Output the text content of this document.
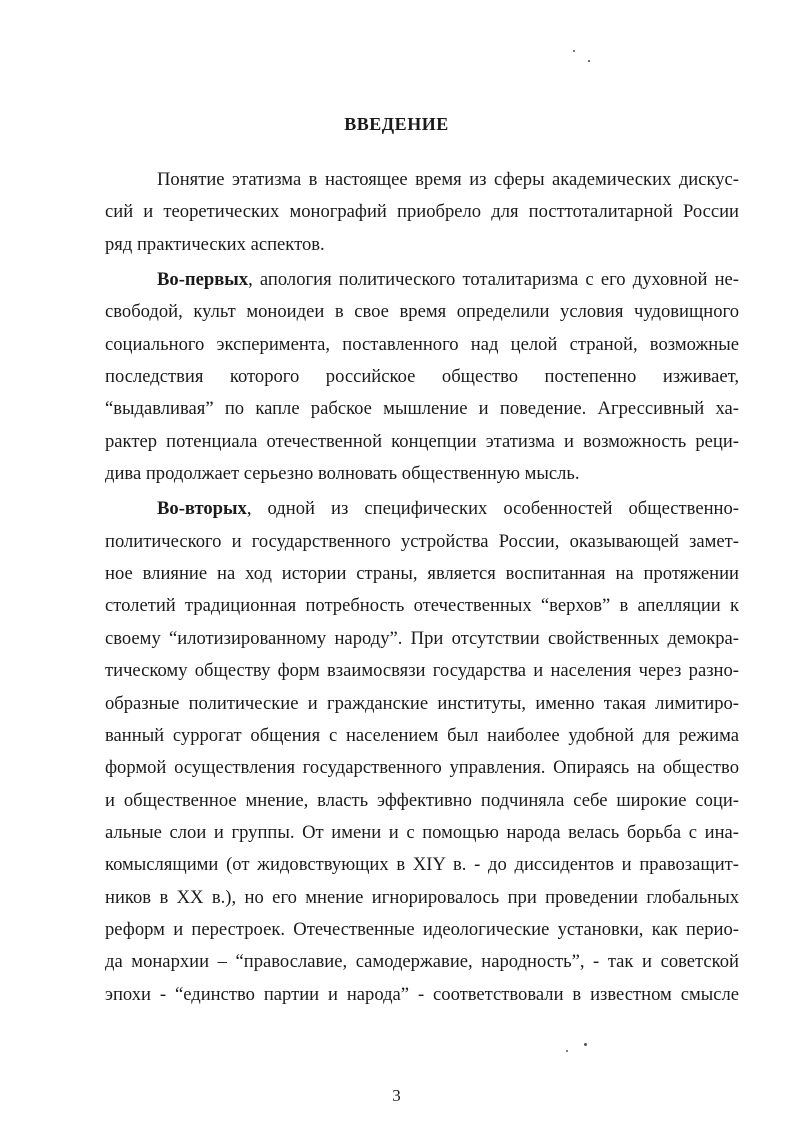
ВВЕДЕНИЕ
Понятие этатизма в настоящее время из сферы академических дискус-
сий и теоретических монографий приобрело для посттоталитарной России
ряд практических аспектов.
Во-первых, апология политического тоталитаризма с его духовной не-
свободой, культ моноидеи в свое время определили условия чудовищного
социального эксперимента, поставленного над целой страной, возможные
последствия которого российское общество постепенно изживает,
“выдавливая” по капле рабское мышление и поведение. Агрессивный ха-
рактер потенциала отечественной концепции этатизма и возможность реци-
дива продолжает серьезно волновать общественную мысль.
Во-вторых, одной из специфических особенностей общественно-
политического и государственного устройства России, оказывающей замет-
ное влияние на ход истории страны, является воспитанная на протяжении
столетий традиционная потребность отечественных “верхов” в апелляции к
своему “илотизированному народу”. При отсутствии свойственных демокра-
тическому обществу форм взаимосвязи государства и населения через разно-
образные политические и гражданские институты, именно такая лимитиро-
ванный суррогат общения с населением был наиболее удобной для режима
формой осуществления государственного управления. Опираясь на общество
и общественное мнение, власть эффективно подчиняла себе широкие соци-
альные слои и группы. От имени и с помощью народа велась борьба с ина-
комыслящими (от жидовствующих в XIY в. - до диссидентов и правозащит-
ников в XX в.), но его мнение игнорировалось при проведении глобальных
реформ и перестроек. Отечественные идеологические установки, как перио-
да монархии – “православие, самодержавие, народность”, - так и советской
эпохи - “единство партии и народа” - соответствовали в известном смысле
3
